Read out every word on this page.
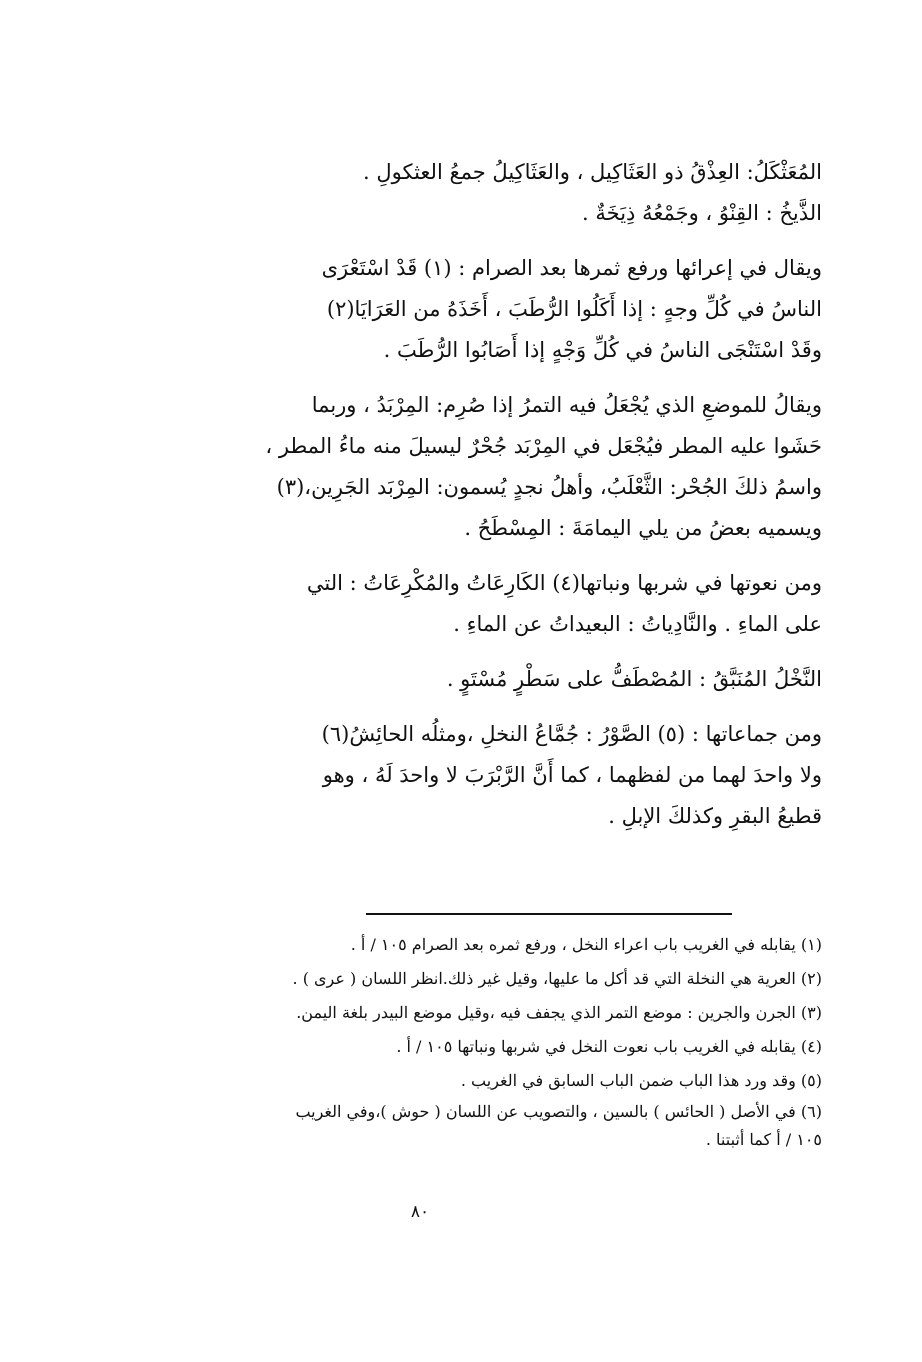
المُعَثْكَلُ: العِذْقُ ذو العَثَاكِيل ، والعَثَاكِيلُ جمعُ العثكولِ .
الذَّيخُ : القِنْوُ ، وجَمْعُهُ ذِيَخَةٌ .
ويقال في إعرائها ورفع ثمرها بعد الصرام : (١) قَدْ اسْتَعْرَى
الناسُ في كُلِّ وجهٍ : إذا أَكَلُوا الرُّطَبَ ، أَخَذَهُ من العَرَايَا(٢)
وقَدْ اسْتَنْجَى الناسُ في كُلِّ وَجْهٍ إذا أَصَابُوا الرُّطَبَ .
ويقالُ للموضعِ الذي يُجْعَلُ فيه التمرُ إذا صُرِم: المِرْبَدُ ، وربما
حَشَوا عليه المطر فيُجْعَل في المِرْبَد جُحْرٌ ليسيلَ منه ماءُ المطر ،
واسمُ ذلكَ الجُحْر: الثَّعْلَبُ، وأهلُ نجدٍ يُسمون: المِرْبَد الجَرِين،(٣)
ويسميه بعضُ من يلي اليمامَةَ : المِسْطَحُ .
ومن نعوتها في شربها ونباتها(٤) الكَارِعَاتُ والمُكْرِعَاتُ : التي
على الماءِ . والنَّادِياتُ : البعيداتُ عن الماءِ .
النَّخْلُ المُنَبَّقُ : المُصْطَفُّ على سَطْرٍ مُسْتَوٍ .
ومن جماعاتها : (٥) الصَّوْرُ : جُمَّاعُ النخلِ ،ومثلُه الحائِشُ(٦)
ولا واحدَ لهما من لفظهما ، كما أَنَّ الرَّبْرَبَ لا واحدَ لَهُ ، وهو
قطيعُ البقرِ وكذلكَ الإبلِ .
(١) يقابله في الغريب باب اعراء النخل ، ورفع ثمره بعد الصرام ١٠٥ / أ .
(٢) العرية هي النخلة التي قد أكل ما عليها، وقيل غير ذلك.انظر اللسان ( عرى ) .
(٣) الجرن والجرين : موضع التمر الذي يجفف فيه ،وقيل موضع البيدر بلغة اليمن.
(٤) يقابله في الغريب باب نعوت النخل في شربها ونباتها ١٠٥ / أ .
(٥) وقد ورد هذا الباب ضمن الباب السابق في الغريب .
(٦) في الأصل ( الحائس ) بالسين ، والتصويب عن اللسان ( حوش )،وفي الغريب
١٠٥ / أ كما أثبتنا .
٨٠
